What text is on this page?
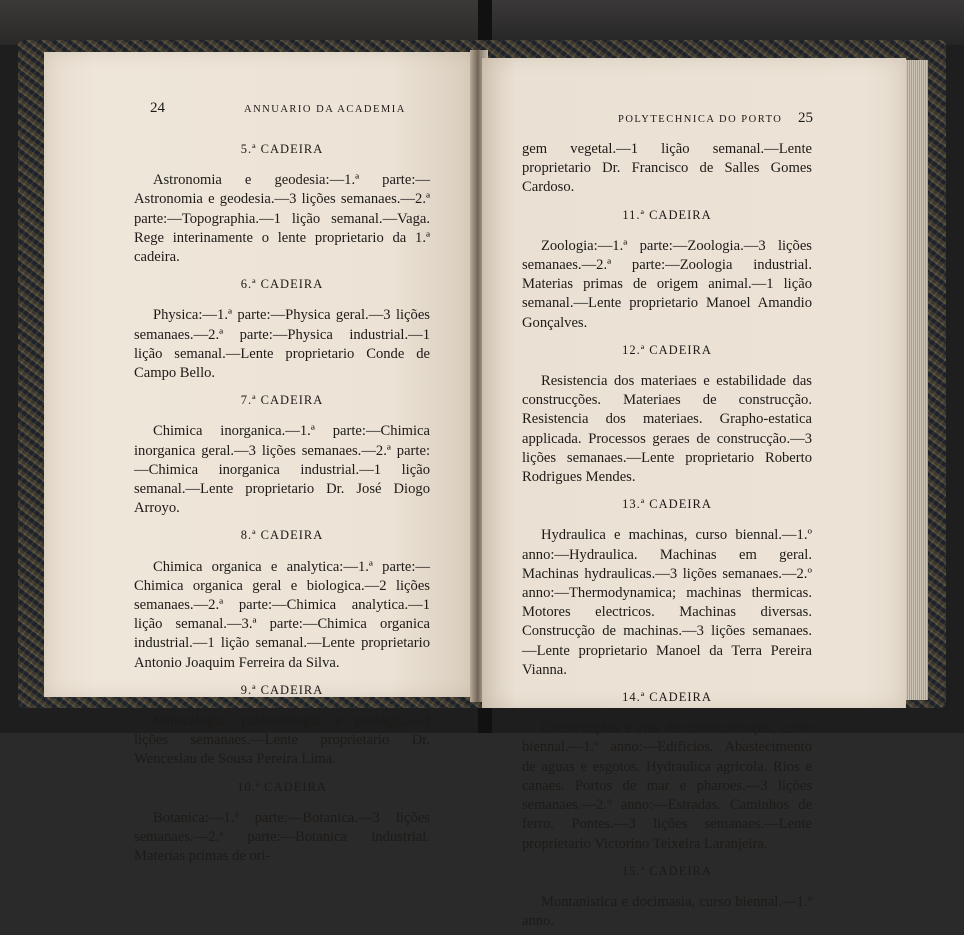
24	ANNUARIO DA ACADEMIA
5.ª CADEIRA

Astronomia e geodesia:—1.ª parte:—Astronomia e geodesia.—3 lições semanaes.—2.ª parte:—Topographia.—1 lição semanal.—Vaga. Rege interinamente o lente proprietario da 1.ª cadeira.

6.ª CADEIRA

Physica:—1.ª parte:—Physica geral.—3 lições semanaes.—2.ª parte:—Physica industrial.—1 lição semanal.—Lente proprietario Conde de Campo Bello.

7.ª CADEIRA

Chimica inorganica.—1.ª parte:—Chimica inorganica geral.—3 lições semanaes.—2.ª parte:—Chimica inorganica industrial.—1 lição semanal.—Lente proprietario Dr. José Diogo Arroyo.

8.ª CADEIRA

Chimica organica e analytica:—1.ª parte:—Chimica organica geral e biologica.—2 lições semanaes.—2.ª parte:—Chimica analytica.—1 lição semanal.—3.ª parte:—Chimica organica industrial.—1 lição semanal.—Lente proprietario Antonio Joaquim Ferreira da Silva.

9.ª CADEIRA

Mineralogia; paleontologia e geologia.—3 lições semanaes.—Lente proprietario Dr. Wenceslau de Sousa Pereira Lima.

10.ª CADEIRA

Botanica:—1.ª parte:—Botanica.—3 lições semanaes.—2.ª parte:—Botanica industrial. Materias primas de ori-

POLYTECHNICA DO PORTO 25

gem vegetal.—1 lição semanal.—Lente proprietario Dr. Francisco de Salles Gomes Cardoso.

11.ª CADEIRA

Zoologia:—1.ª parte:—Zoologia.—3 lições semanaes.—2.ª parte:—Zoologia industrial. Materias primas de origem animal.—1 lição semanal.—Lente proprietario Manoel Amandio Gonçalves.

12.ª CADEIRA

Resistencia dos materiaes e estabilidade das construcções. Materiaes de construcção. Resistencia dos materiaes. Grapho-estatica applicada. Processos geraes de construcção.—3 lições semanaes.—Lente proprietario Roberto Rodrigues Mendes.

13.ª CADEIRA

Hydraulica e machinas, curso biennal.—1.º anno:—Hydraulica. Machinas em geral. Machinas hydraulicas.—3 lições semanaes.—2.º anno:—Thermodynamica; machinas thermicas. Motores electricos. Machinas diversas. Construcção de machinas.—3 lições semanaes.—Lente proprietario Manoel da Terra Pereira Vianna.

14.ª CADEIRA

Construcções e vias de communicação, curso biennal.—1.º anno:—Edificios. Abastecimento de aguas e esgotos. Hydraulica agricola. Rios e canaes. Portos de mar e pharoes.—3 lições semanaes.—2.º anno:—Estradas. Caminhos de ferro. Pontes.—3 lições semanaes.—Lente proprietario Victorino Teixeira Laranjeira.

15.ª CADEIRA

Montanistica e docimasia, curso biennal.—1.º anno.
